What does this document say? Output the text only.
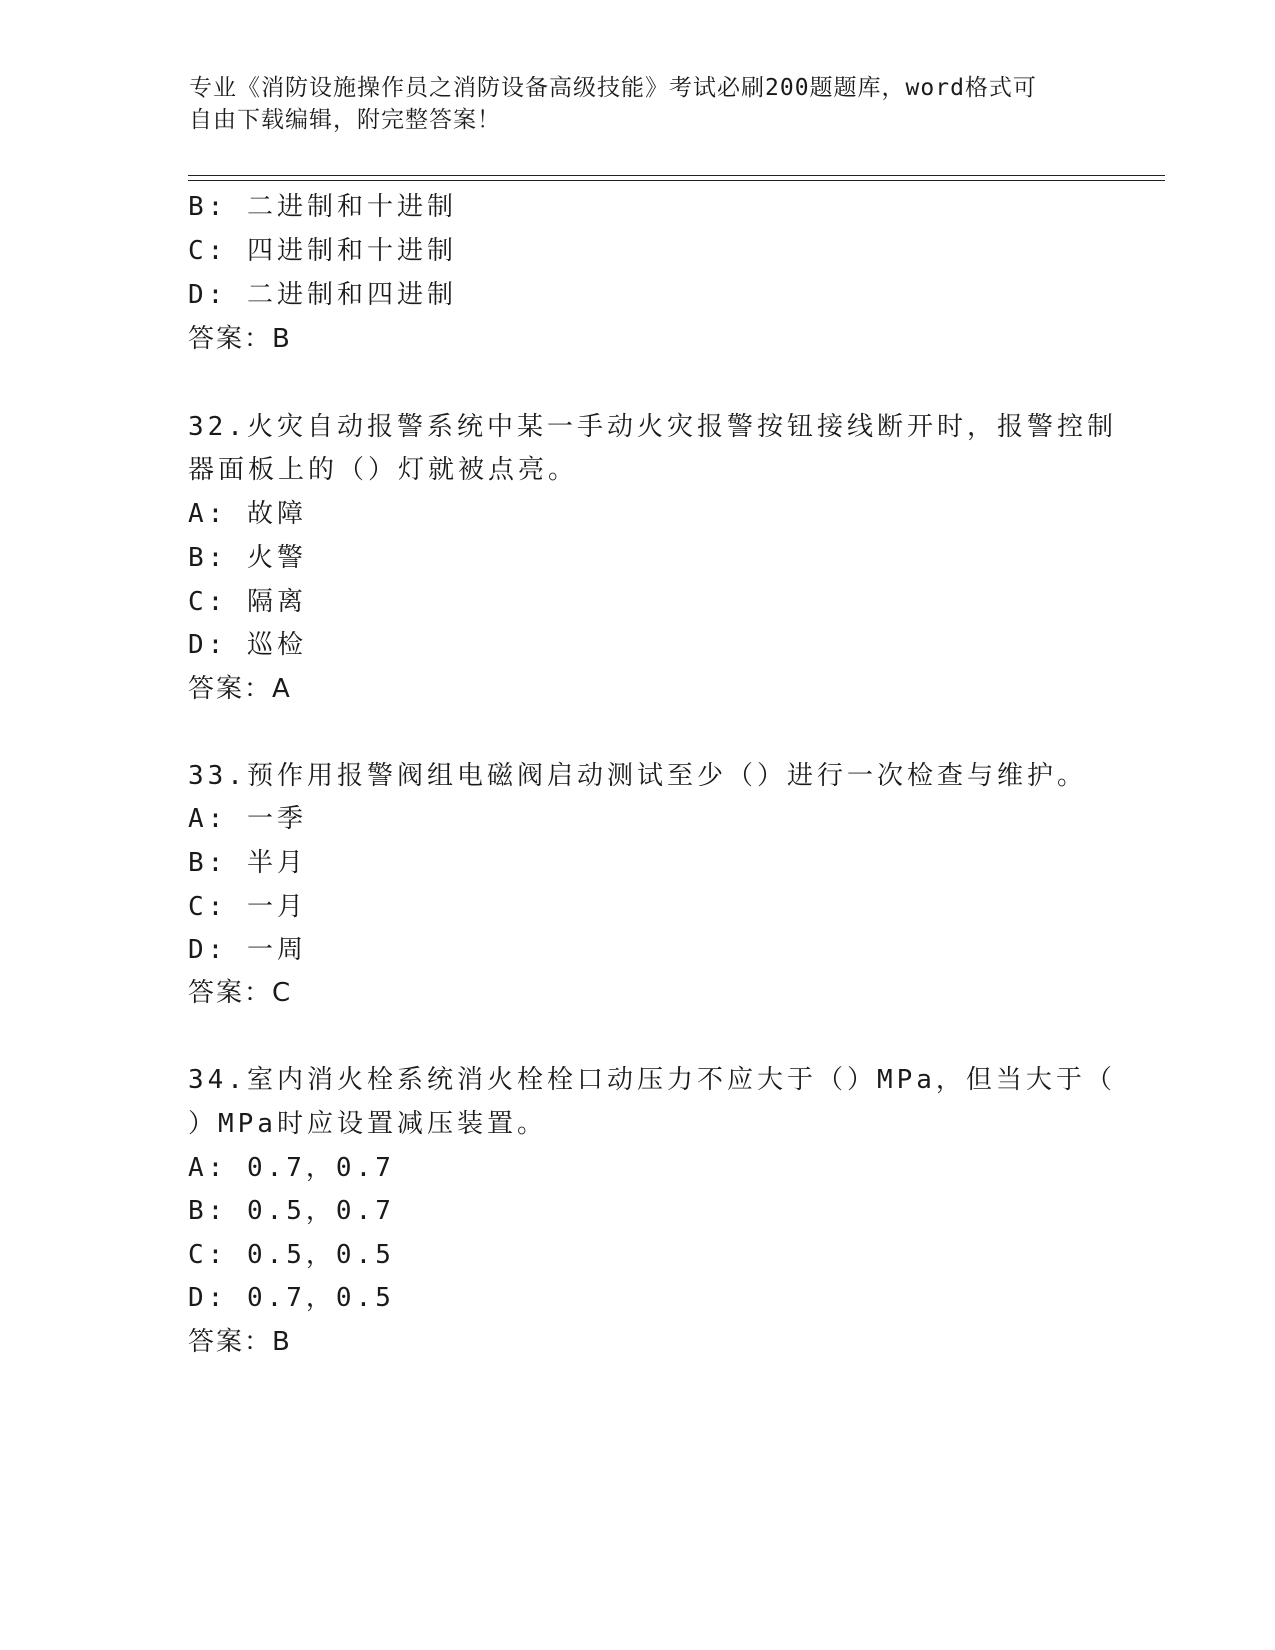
专业《消防设施操作员之消防设备高级技能》考试必刷200题题库，word格式可
自由下载编辑，附完整答案！
B: 二进制和十进制
C: 四进制和十进制
D: 二进制和四进制
答案：B
32.火灾自动报警系统中某一手动火灾报警按钮接线断开时，报警控制
器面板上的（）灯就被点亮。
A: 故障
B: 火警
C: 隔离
D: 巡检
答案：A
33.预作用报警阀组电磁阀启动测试至少（）进行一次检查与维护。
A: 一季
B: 半月
C: 一月
D: 一周
答案：C
34.室内消火栓系统消火栓栓口动压力不应大于（）MPa，但当大于（
）MPa时应设置减压装置。
A: 0.7，0.7
B: 0.5，0.7
C: 0.5，0.5
D: 0.7，0.5
答案：B
